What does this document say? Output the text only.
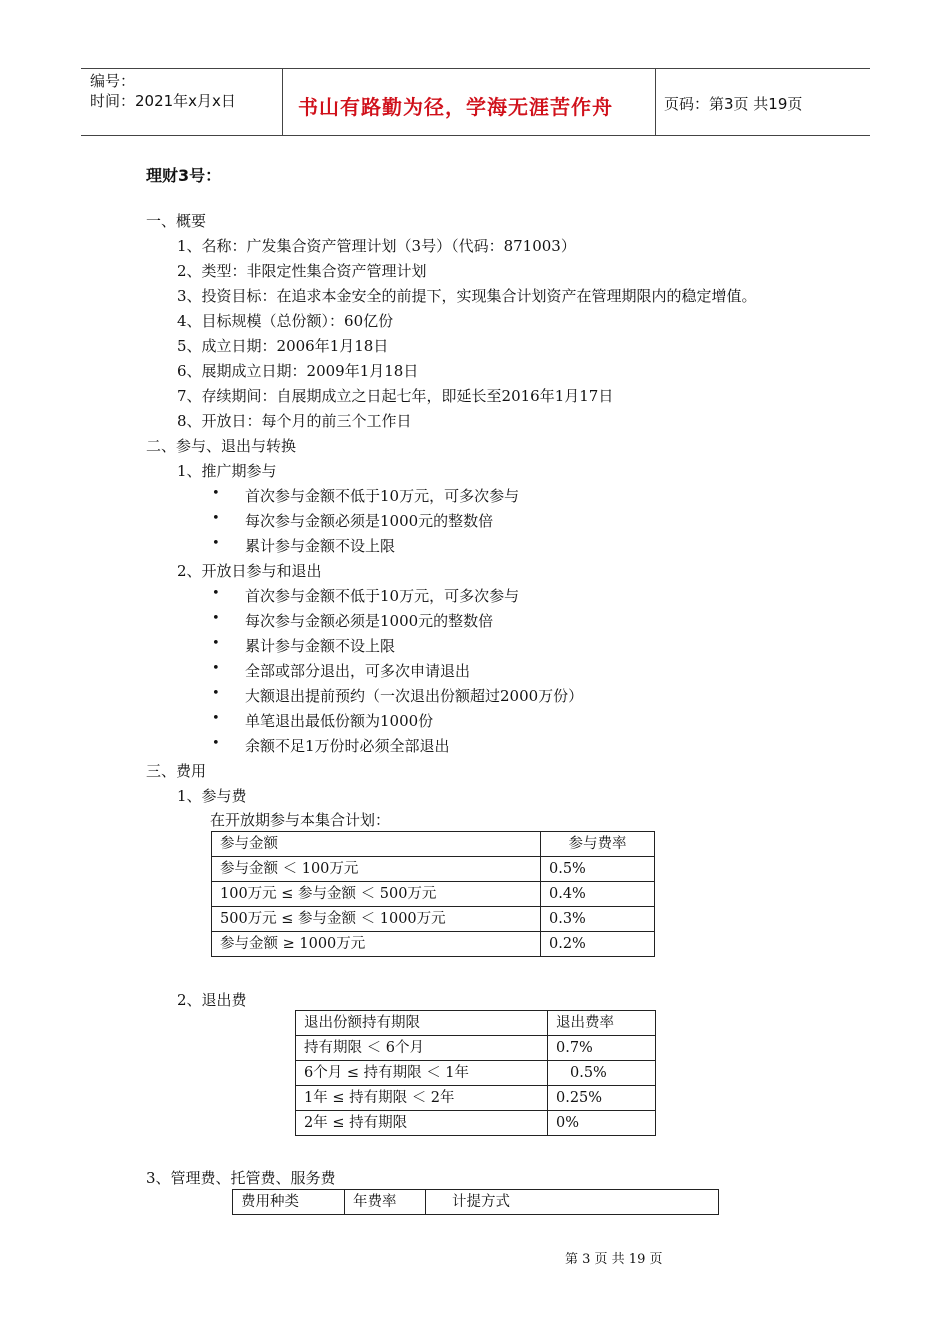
编号：
时间：2021年x月x日	书山有路勤为径，学海无涯苦作舟	页码：第3页 共19页
理财3号：
一、概要
1、名称：广发集合资产管理计划（3号）（代码：871003）
2、类型：非限定性集合资产管理计划
3、投资目标：在追求本金安全的前提下，实现集合计划资产在管理期限内的稳定增值。
4、目标规模（总份额）：60亿份
5、成立日期：2006年1月18日
6、展期成立日期：2009年1月18日
7、存续期间：自展期成立之日起七年，即延长至2016年1月17日
8、开放日：每个月的前三个工作日
二、参与、退出与转换
1、推广期参与
• 首次参与金额不低于10万元，可多次参与
• 每次参与金额必须是1000元的整数倍
• 累计参与金额不设上限
2、开放日参与和退出
• 首次参与金额不低于10万元，可多次参与
• 每次参与金额必须是1000元的整数倍
• 累计参与金额不设上限
• 全部或部分退出，可多次申请退出
• 大额退出提前预约（一次退出份额超过2000万份）
• 单笔退出最低份额为1000份
• 余额不足1万份时必须全部退出
三、费用
1、参与费
在开放期参与本集合计划：
参与金额	参与费率
参与金额 ＜ 100万元	0.5%
100万元 ≤ 参与金额 ＜ 500万元	0.4%
500万元 ≤ 参与金额 ＜ 1000万元	0.3%
参与金额 ≥ 1000万元	0.2%
2、退出费
退出份额持有期限	退出费率
持有期限 ＜ 6个月	0.7%
6个月 ≤ 持有期限 ＜ 1年	0.5%
1年 ≤ 持有期限 ＜ 2年	0.25%
2年 ≤ 持有期限	0%
3、管理费、托管费、服务费
费用种类	年费率	计提方式
第 3 页 共 19 页
